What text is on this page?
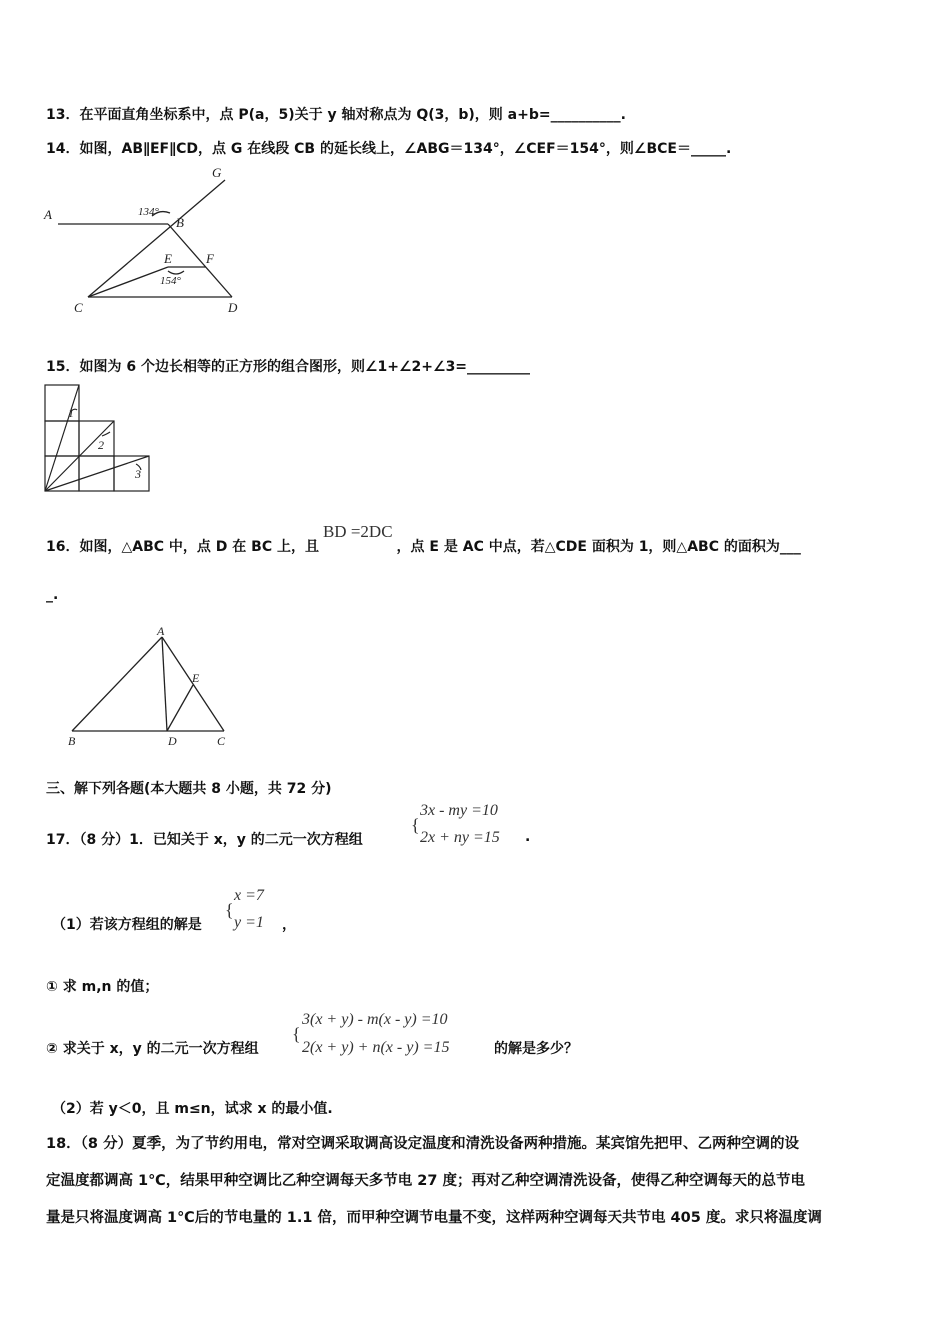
13．在平面直角坐标系中，点 P(a，5)关于 y 轴对称点为 Q(3，b)，则 a+b=__________.
14．如图，AB∥EF∥CD，点 G 在线段 CB 的延长线上，∠ABG＝134°，∠CEF＝154°，则∠BCE＝_____.
G
A	134°
B
E	F
154°
C	D
15．如图为 6 个边长相等的正方形的组合图形，则∠1+∠2+∠3=_________
1
2
3
16．如图，△ABC 中，点 D 在 BC 上，且BD =2DC，点 E 是 AC 中点，若△CDE 面积为 1，则△ABC 的面积为___
_.
A
E
B	D	C
三、解下列各题(本大题共 8 小题，共 72 分)
17．（8 分）1．已知关于 x，y 的二元一次方程组
{
3x - my =10
2x + ny =15 .
（1）若该方程组的解是
{
x =7
y =1 ，
① 求 m,n 的值；
② 求关于 x，y 的二元一次方程组
{
3(x + y) - m(x - y) =10
2(x + y) + n(x - y) =15	的解是多少？
（2）若 y＜0，且 m≤n，试求 x 的最小值.
18．（8 分）夏季，为了节约用电，常对空调采取调高设定温度和清洗设备两种措施。某宾馆先把甲、乙两种空调的设
定温度都调高 1℃，结果甲种空调比乙种空调每天多节电 27 度；再对乙种空调清洗设备，使得乙种空调每天的总节电
量是只将温度调高 1℃后的节电量的 1.1 倍，而甲种空调节电量不变，这样两种空调每天共节电 405 度。求只将温度调
